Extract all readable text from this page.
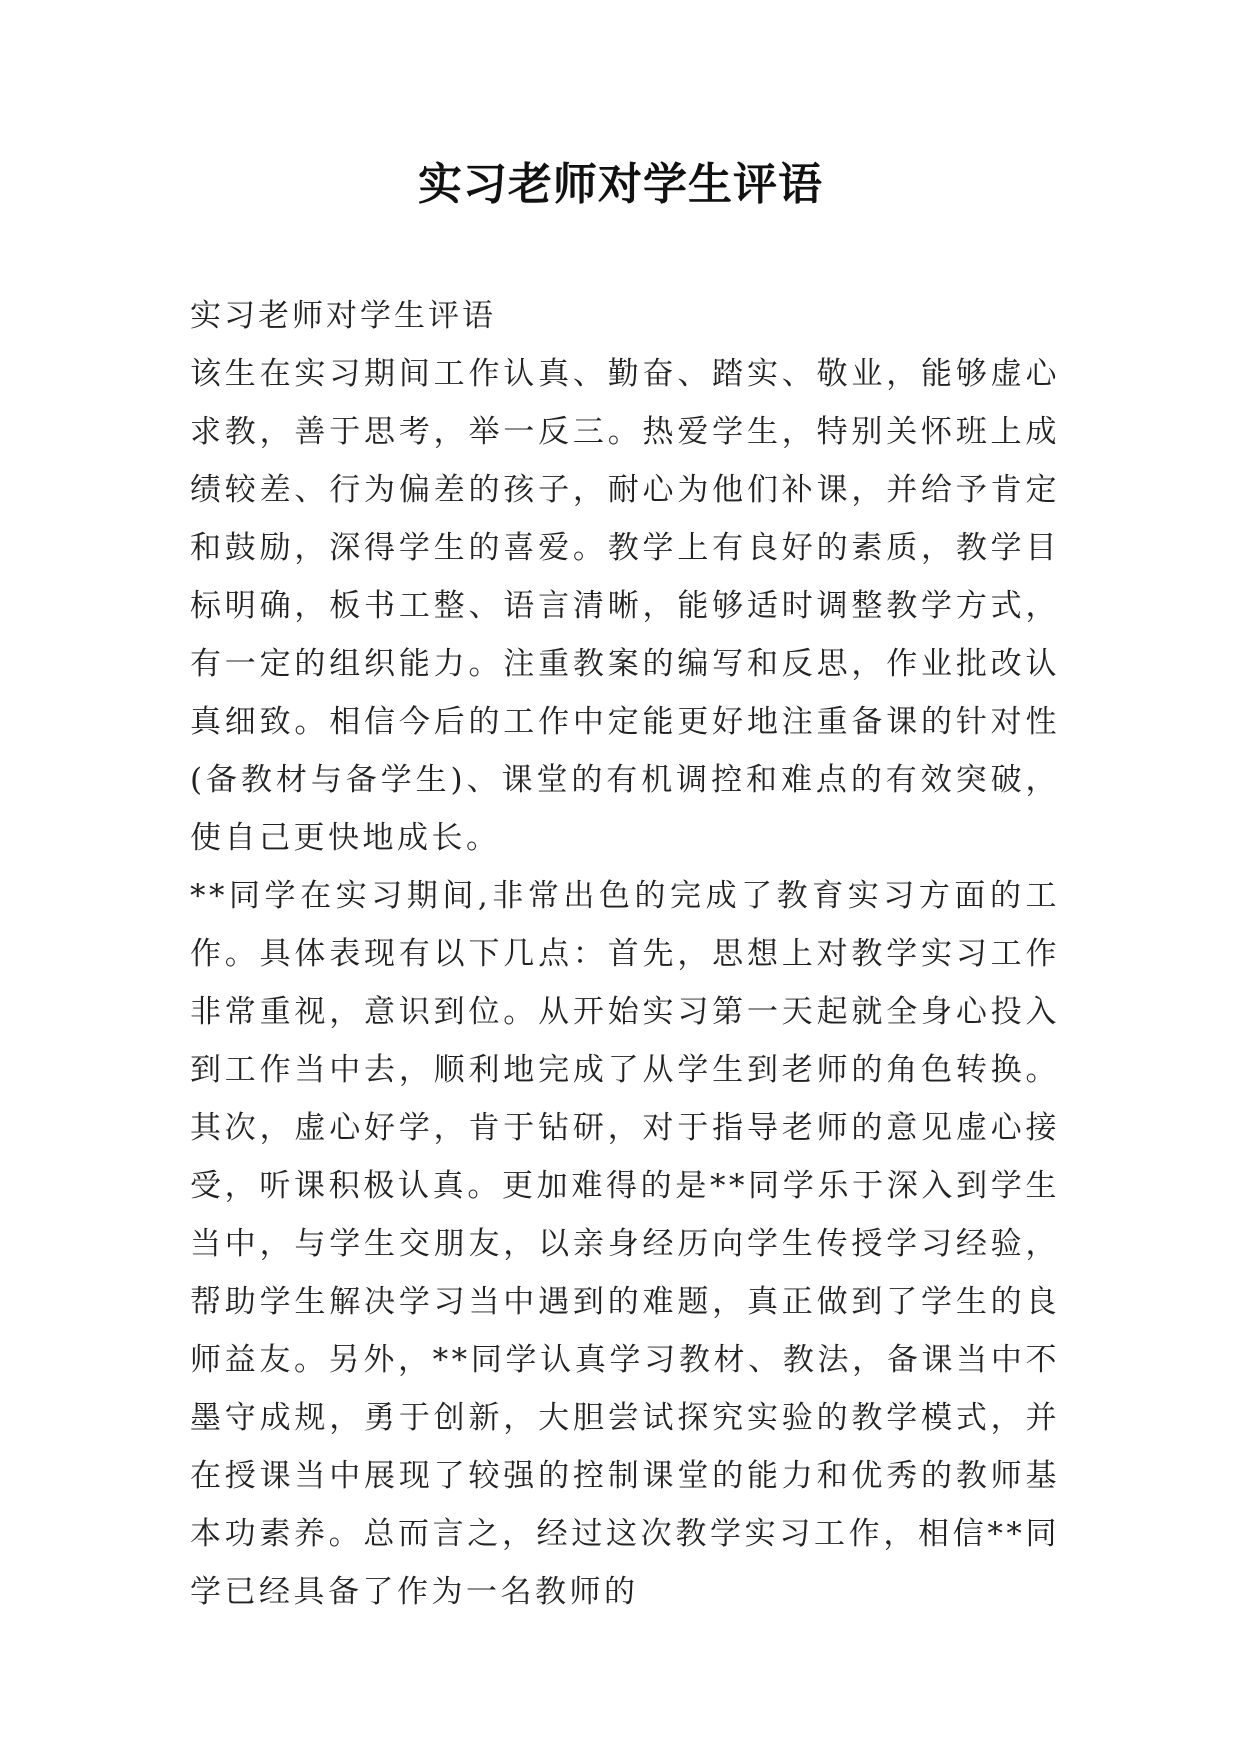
实习老师对学生评语

实习老师对学生评语

该生在实习期间工作认真、勤奋、踏实、敬业，能够虚心求教，善于思考，举一反三。热爱学生，特别关怀班上成绩较差、行为偏差的孩子，耐心为他们补课，并给予肯定和鼓励，深得学生的喜爱。教学上有良好的素质，教学目标明确，板书工整、语言清晰，能够适时调整教学方式，有一定的组织能力。注重教案的编写和反思，作业批改认真细致。相信今后的工作中定能更好地注重备课的针对性(备教材与备学生)、课堂的有机调控和难点的有效突破，使自己更快地成长。

**同学在实习期间,非常出色的完成了教育实习方面的工作。具体表现有以下几点：首先，思想上对教学实习工作非常重视，意识到位。从开始实习第一天起就全身心投入到工作当中去，顺利地完成了从学生到老师的角色转换。其次，虚心好学，肯于钻研，对于指导老师的意见虚心接受，听课积极认真。更加难得的是**同学乐于深入到学生当中，与学生交朋友，以亲身经历向学生传授学习经验，帮助学生解决学习当中遇到的难题，真正做到了学生的良师益友。另外，**同学认真学习教材、教法，备课当中不墨守成规，勇于创新，大胆尝试探究实验的教学模式，并在授课当中展现了较强的控制课堂的能力和优秀的教师基本功素养。总而言之，经过这次教学实习工作，相信**同学已经具备了作为一名教师的
